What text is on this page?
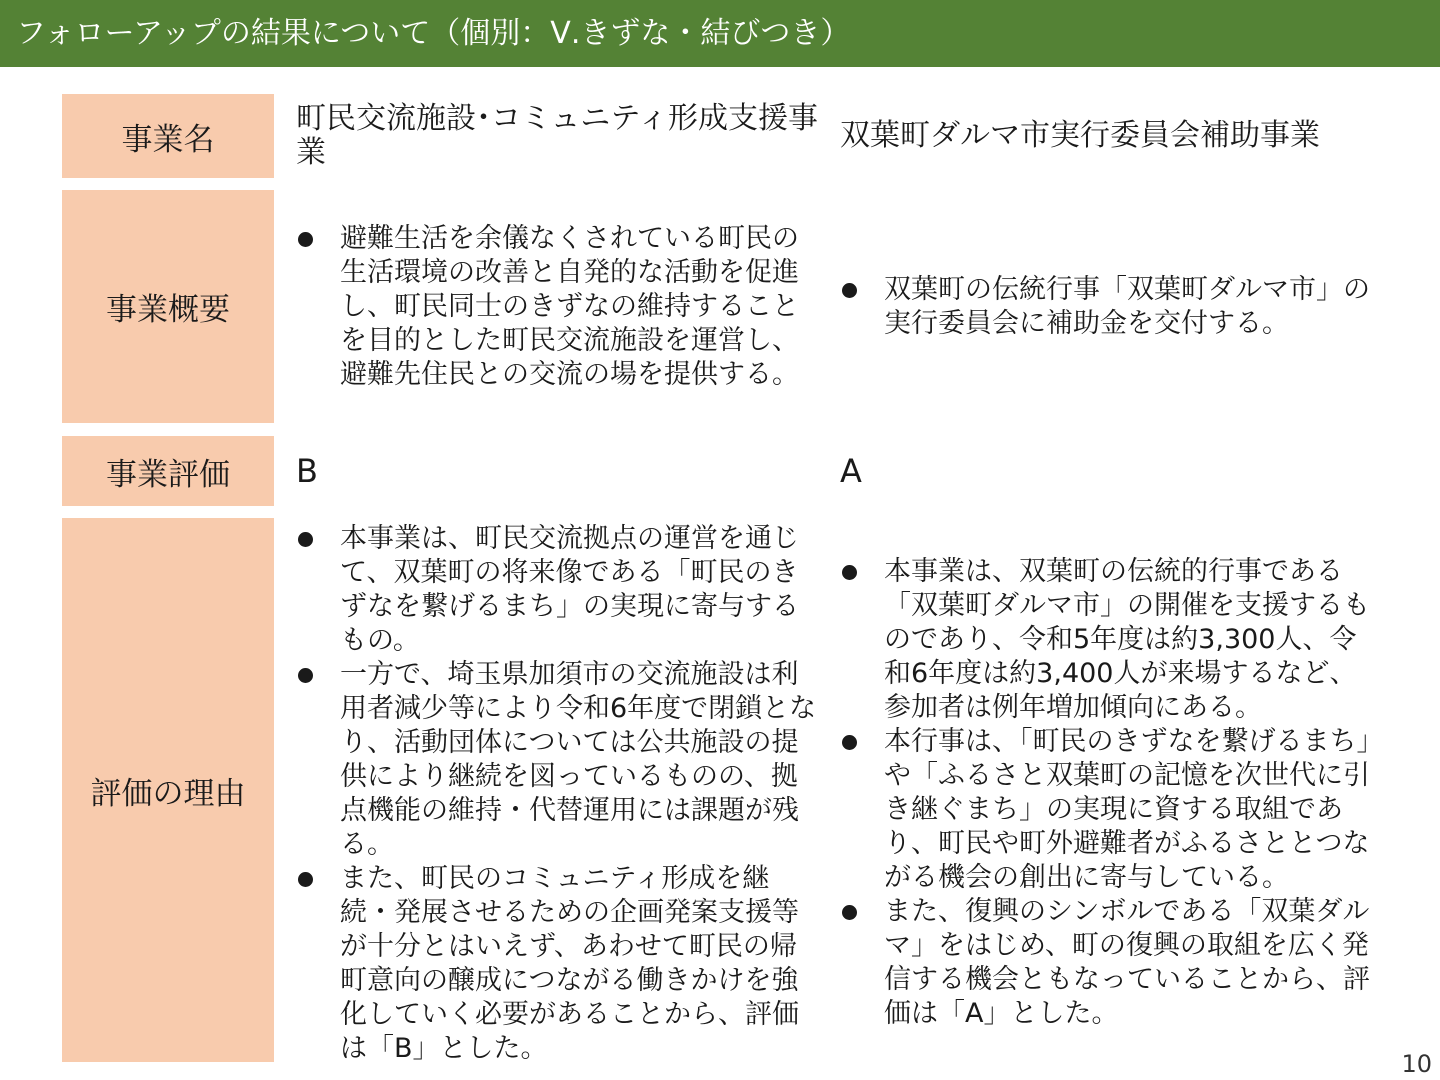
フォローアップの結果について（個別：Ⅴ.きずな・結びつき）
事業名
事業概要
事業評価
評価の理由
町民交流施設･コミュニティ形成支援事業
避難生活を余儀なくされている町民の生活環境の改善と自発的な活動を促進し、町民同士のきずなの維持することを目的とした町民交流施設を運営し、避難先住民との交流の場を提供する。
B
本事業は、町民交流拠点の運営を通じて、双葉町の将来像である「町民のきずなを繋げるまち」の実現に寄与するもの。
一方で、埼玉県加須市の交流施設は利用者減少等により令和6年度で閉鎖となり、活動団体については公共施設の提供により継続を図っているものの、拠点機能の維持・代替運用には課題が残る。
また、町民のコミュニティ形成を継続・発展させるための企画発案支援等が十分とはいえず、あわせて町民の帰町意向の醸成につながる働きかけを強化していく必要があることから、評価は「B」とした。
双葉町ダルマ市実行委員会補助事業
双葉町の伝統行事「双葉町ダルマ市」の実行委員会に補助金を交付する。
A
本事業は、双葉町の伝統的行事である「双葉町ダルマ市」の開催を支援するものであり、令和5年度は約3,300人、令和6年度は約3,400人が来場するなど、参加者は例年増加傾向にある。
本行事は、「町民のきずなを繋げるまち」や「ふるさと双葉町の記憶を次世代に引き継ぐまち」の実現に資する取組であり、町民や町外避難者がふるさととつながる機会の創出に寄与している。
また、復興のシンボルである「双葉ダルマ」をはじめ、町の復興の取組を広く発信する機会ともなっていることから、評価は「A」とした。
10
